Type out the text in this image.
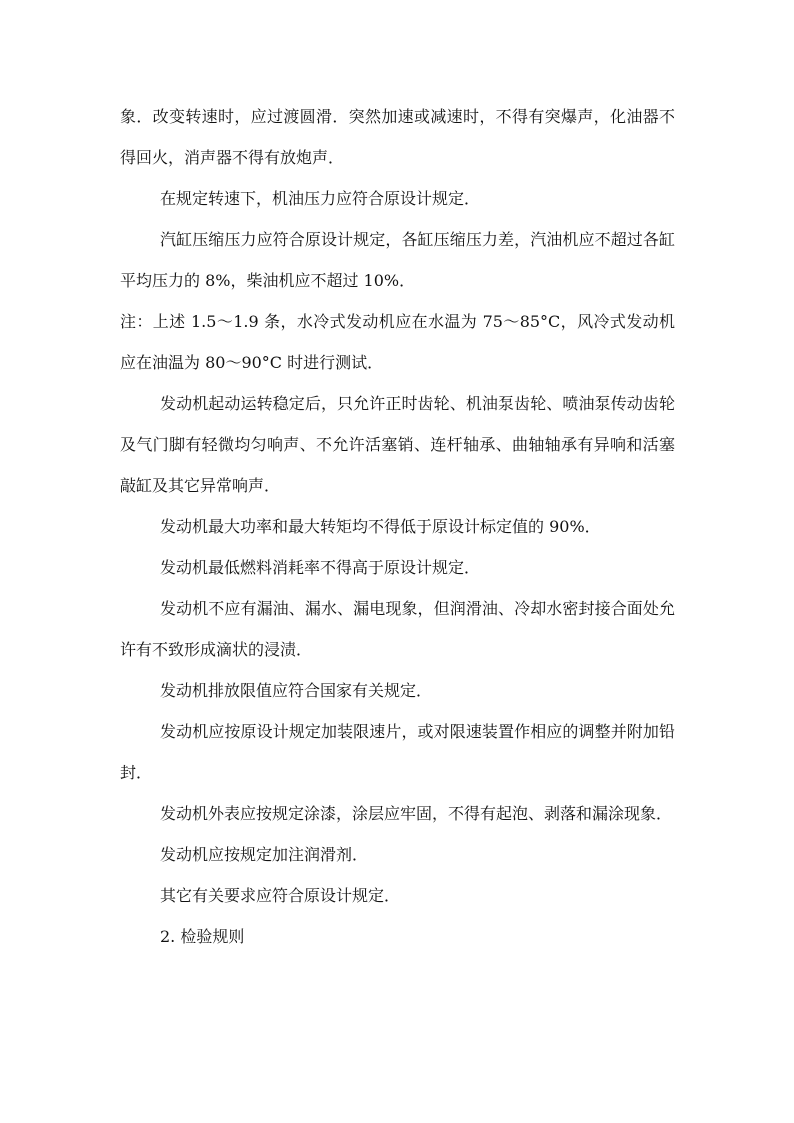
象．改变转速时，应过渡圆滑．突然加速或减速时，不得有突爆声，化油器不得回火，消声器不得有放炮声．

在规定转速下，机油压力应符合原设计规定．

汽缸压缩压力应符合原设计规定，各缸压缩压力差，汽油机应不超过各缸平均压力的 8%，柴油机应不超过 10%．

注：上述 1.5～1.9 条，水冷式发动机应在水温为 75～85°C，风冷式发动机应在油温为 80～90°C 时进行测试．

发动机起动运转稳定后，只允许正时齿轮、机油泵齿轮、喷油泵传动齿轮及气门脚有轻微均匀响声、不允许活塞销、连杆轴承、曲轴轴承有异响和活塞敲缸及其它异常响声．

发动机最大功率和最大转矩均不得低于原设计标定值的 90%．

发动机最低燃料消耗率不得高于原设计规定．

发动机不应有漏油、漏水、漏电现象，但润滑油、冷却水密封接合面处允许有不致形成滴状的浸渍．

发动机排放限值应符合国家有关规定．

发动机应按原设计规定加装限速片，或对限速装置作相应的调整并附加铅封．

发动机外表应按规定涂漆，涂层应牢固，不得有起泡、剥落和漏涂现象．

发动机应按规定加注润滑剂．

其它有关要求应符合原设计规定．

2. 检验规则
